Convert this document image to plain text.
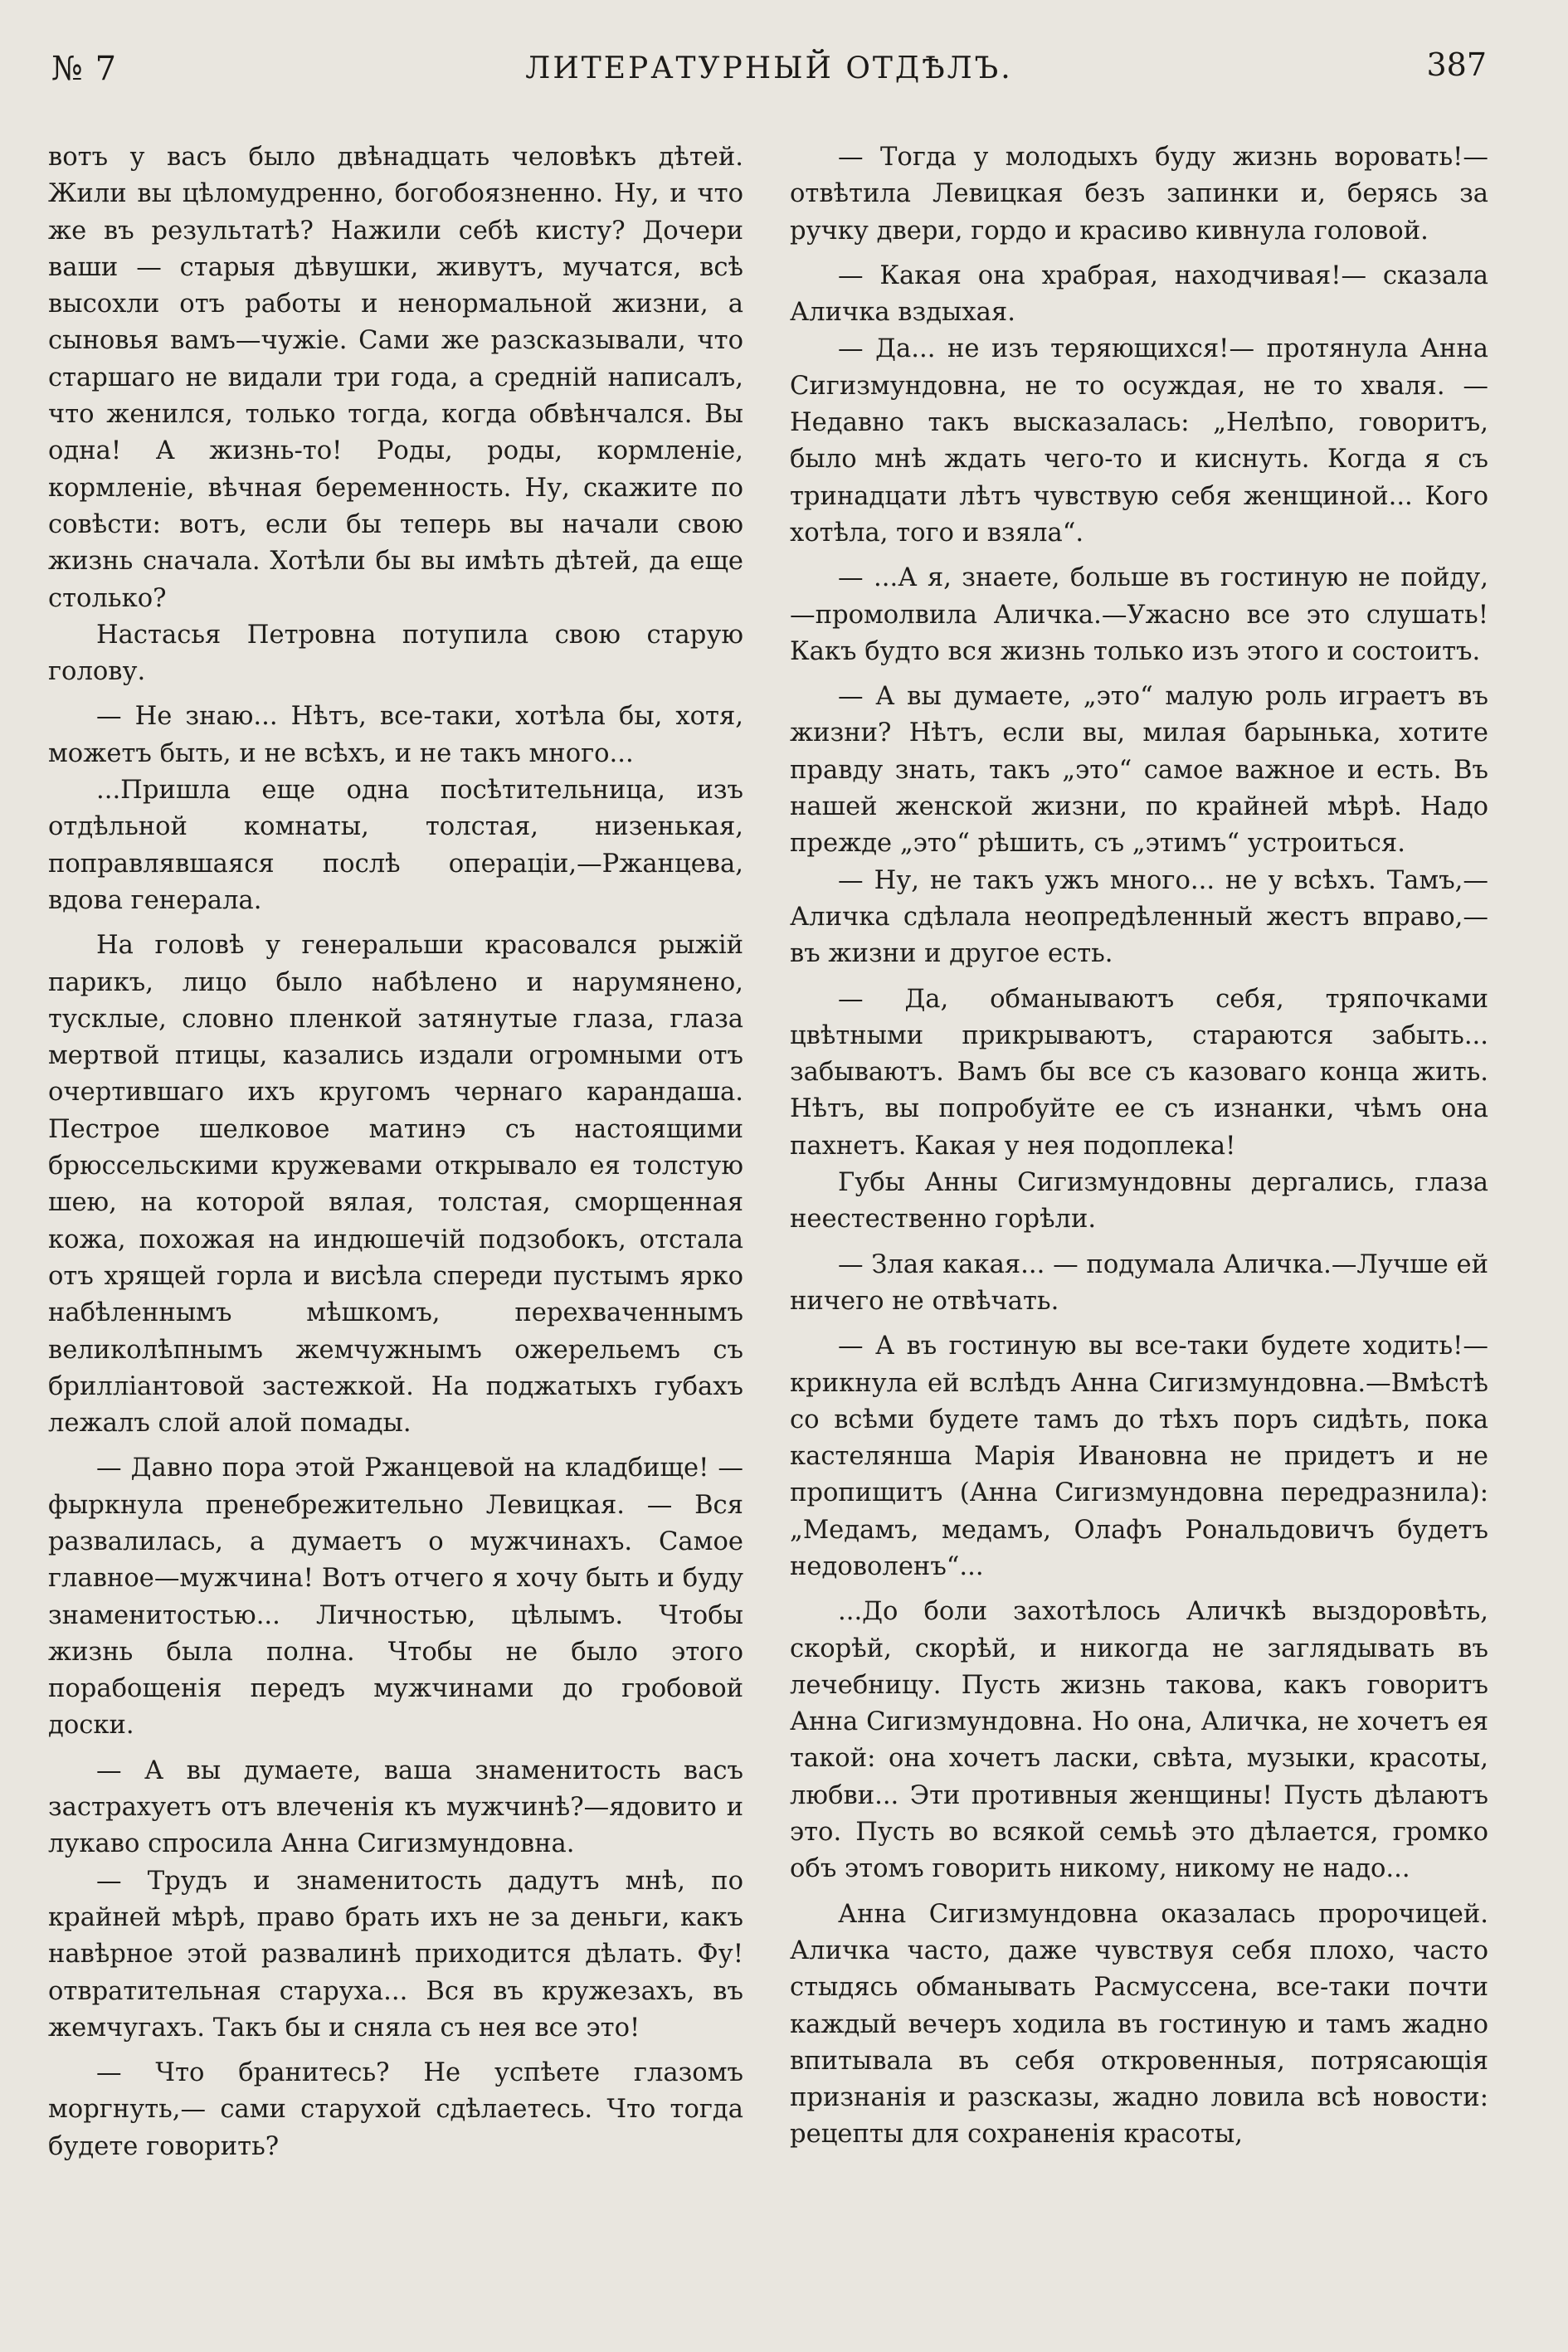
№ 7	ЛИТЕРАТУРНЫЙ ОТДѢЛЪ.	387

вотъ у васъ было двѣнадцать человѣкъ дѣтей. Жили вы цѣломудренно, богобоязненно. Ну, и что же въ результатѣ? Нажили себѣ кисту? Дочери ваши — старыя дѣвушки, живутъ, мучатся, всѣ высохли отъ работы и ненормальной жизни, а сыновья вамъ—чужіе. Сами же разсказывали, что старшаго не видали три года, а средній написалъ, что женился, только тогда, когда обвѣнчался. Вы одна! А жизнь-то! Роды, роды, кормленіе, кормленіе, вѣчная беременность. Ну, скажите по совѣсти: вотъ, если бы теперь вы начали свою жизнь сначала. Хотѣли бы вы имѣть дѣтей, да еще столько?

Настасья Петровна потупила свою старую голову.

— Не знаю... Нѣтъ, все-таки, хотѣла бы, хотя, можетъ быть, и не всѣхъ, и не такъ много...

...Пришла еще одна посѣтительница, изъ отдѣльной комнаты, толстая, низенькая, поправлявшаяся послѣ операціи,—Ржанцева, вдова генерала.

На головѣ у генеральши красовался рыжій парикъ, лицо было набѣлено и нарумянено, тусклые, словно пленкой затянутые глаза, глаза мертвой птицы, казались издали огромными отъ очертившаго ихъ кругомъ чернаго карандаша. Пестрое шелковое матинэ съ настоящими брюссельскими кружевами открывало ея толстую шею, на которой вялая, толстая, сморщенная кожа, похожая на индюшечій подзобокъ, отстала отъ хрящей горла и висѣла спереди пустымъ ярко набѣленнымъ мѣшкомъ, перехваченнымъ великолѣпнымъ жемчужнымъ ожерельемъ съ брилліантовой застежкой. На поджатыхъ губахъ лежалъ слой алой помады.

— Давно пора этой Ржанцевой на кладбище! — фыркнула пренебрежительно Левицкая. — Вся развалилась, а думаетъ о мужчинахъ. Самое главное—мужчина! Вотъ отчего я хочу быть и буду знаменитостью... Личностью, цѣлымъ. Чтобы жизнь была полна. Чтобы не было этого порабощенія передъ мужчинами до гробовой доски.

— А вы думаете, ваша знаменитость васъ застрахуетъ отъ влеченія къ мужчинѣ?—ядовито и лукаво спросила Анна Сигизмундовна.

— Трудъ и знаменитость дадутъ мнѣ, по крайней мѣрѣ, право брать ихъ не за деньги, какъ навѣрное этой развалинѣ приходится дѣлать. Фу! отвратительная старуха... Вся въ кружезахъ, въ жемчугахъ. Такъ бы и сняла съ нея все это!

— Что бранитесь? Не успѣете глазомъ моргнуть,— сами старухой сдѣлаетесь. Что тогда будете говорить?

— Тогда у молодыхъ буду жизнь воровать!— отвѣтила Левицкая безъ запинки и, берясь за ручку двери, гордо и красиво кивнула головой.

— Какая она храбрая, находчивая!— сказала Аличка вздыхая.

— Да... не изъ теряющихся!— протянула Анна Сигизмундовна, не то осуждая, не то хваля. — Недавно такъ высказалась: „Нелѣпо, говоритъ, было мнѣ ждать чего-то и киснуть. Когда я съ тринадцати лѣтъ чувствую себя женщиной... Кого хотѣла, того и взяла“.

— ...А я, знаете, больше въ гостиную не пойду,—промолвила Аличка.—Ужасно все это слушать! Какъ будто вся жизнь только изъ этого и состоитъ.

— А вы думаете, „это“ малую роль играетъ въ жизни? Нѣтъ, если вы, милая барынька, хотите правду знать, такъ „это“ самое важное и есть. Въ нашей женской жизни, по крайней мѣрѣ. Надо прежде „это“ рѣшить, съ „этимъ“ устроиться.

— Ну, не такъ ужъ много... не у всѣхъ. Тамъ,—Аличка сдѣлала неопредѣленный жестъ вправо,—въ жизни и другое есть.

— Да, обманываютъ себя, тряпочками цвѣтными прикрываютъ, стараются забыть... забываютъ. Вамъ бы все съ казоваго конца жить. Нѣтъ, вы попробуйте ее съ изнанки, чѣмъ она пахнетъ. Какая у нея подоплека!

Губы Анны Сигизмундовны дергались, глаза неестественно горѣли.

— Злая какая... — подумала Аличка.—Лучше ей ничего не отвѣчать.

— А въ гостиную вы все-таки будете ходить!—крикнула ей вслѣдъ Анна Сигизмундовна.—Вмѣстѣ со всѣми будете тамъ до тѣхъ поръ сидѣть, пока кастелянша Марія Ивановна не придетъ и не пропищитъ (Анна Сигизмундовна передразнила): „Медамъ, медамъ, Олафъ Рональдовичъ будетъ недоволенъ“...

...До боли захотѣлось Аличкѣ выздоровѣть, скорѣй, скорѣй, и никогда не заглядывать въ лечебницу. Пусть жизнь такова, какъ говоритъ Анна Сигизмундовна. Но она, Аличка, не хочетъ ея такой: она хочетъ ласки, свѣта, музыки, красоты, любви... Эти противныя женщины! Пусть дѣлаютъ это. Пусть во всякой семьѣ это дѣлается, громко объ этомъ говорить никому, никому не надо...

Анна Сигизмундовна оказалась пророчицей. Аличка часто, даже чувствуя себя плохо, часто стыдясь обманывать Расмуссена, все-таки почти каждый вечеръ ходила въ гостиную и тамъ жадно впитывала въ себя откровенныя, потрясающія признанія и разсказы, жадно ловила всѣ новости: рецепты для сохраненія красоты,
